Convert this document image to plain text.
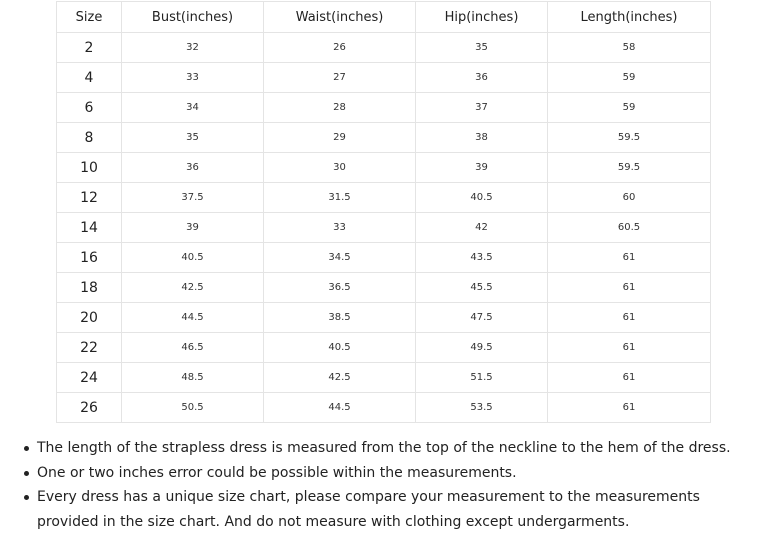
Size	Bust(inches)	Waist(inches)	Hip(inches)	Length(inches)
2	32	26	35	58
4	33	27	36	59
6	34	28	37	59
8	35	29	38	59.5
10	36	30	39	59.5
12	37.5	31.5	40.5	60
14	39	33	42	60.5
16	40.5	34.5	43.5	61
18	42.5	36.5	45.5	61
20	44.5	38.5	47.5	61
22	46.5	40.5	49.5	61
24	48.5	42.5	51.5	61
26	50.5	44.5	53.5	61
The length of the strapless dress is measured from the top of the neckline to the hem of the dress.
One or two inches error could be possible within the measurements.
Every dress has a unique size chart, please compare your measurement to the measurements provided in the size chart. And do not measure with clothing except undergarments.
